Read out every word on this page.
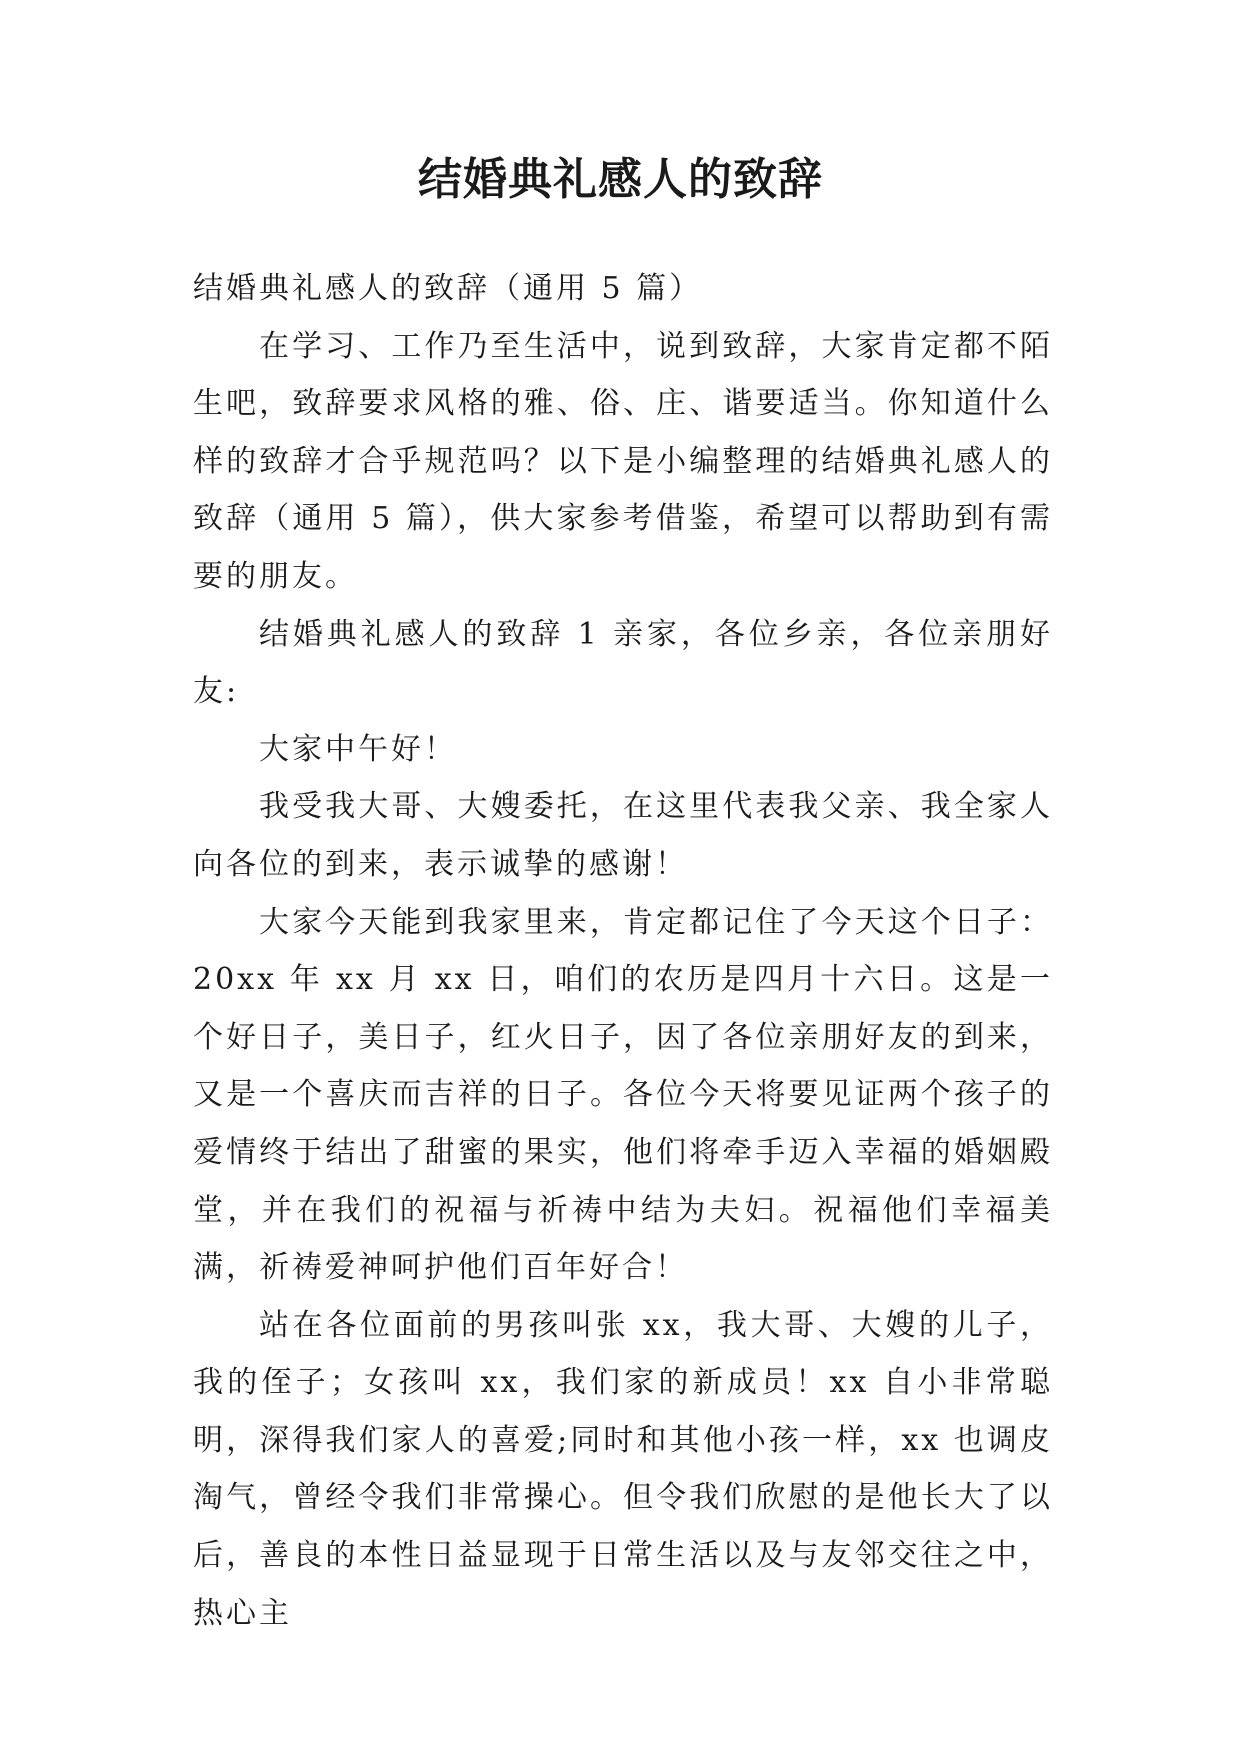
结婚典礼感人的致辞

结婚典礼感人的致辞（通用 5 篇）

在学习、工作乃至生活中，说到致辞，大家肯定都不陌生吧，致辞要求风格的雅、俗、庄、谐要适当。你知道什么样的致辞才合乎规范吗？以下是小编整理的结婚典礼感人的致辞（通用 5 篇），供大家参考借鉴，希望可以帮助到有需要的朋友。

结婚典礼感人的致辞 1 亲家，各位乡亲，各位亲朋好友:

大家中午好！

我受我大哥、大嫂委托，在这里代表我父亲、我全家人向各位的到来，表示诚挚的感谢！

大家今天能到我家里来，肯定都记住了今天这个日子：20xx 年 xx 月 xx 日，咱们的农历是四月十六日。这是一个好日子，美日子，红火日子，因了各位亲朋好友的到来，又是一个喜庆而吉祥的日子。各位今天将要见证两个孩子的爱情终于结出了甜蜜的果实，他们将牵手迈入幸福的婚姻殿堂，并在我们的祝福与祈祷中结为夫妇。祝福他们幸福美满，祈祷爱神呵护他们百年好合！

站在各位面前的男孩叫张 xx，我大哥、大嫂的儿子，我的侄子；女孩叫 xx，我们家的新成员！xx 自小非常聪明，深得我们家人的喜爱;同时和其他小孩一样，xx 也调皮淘气，曾经令我们非常操心。但令我们欣慰的是他长大了以后，善良的本性日益显现于日常生活以及与友邻交往之中，热心主
